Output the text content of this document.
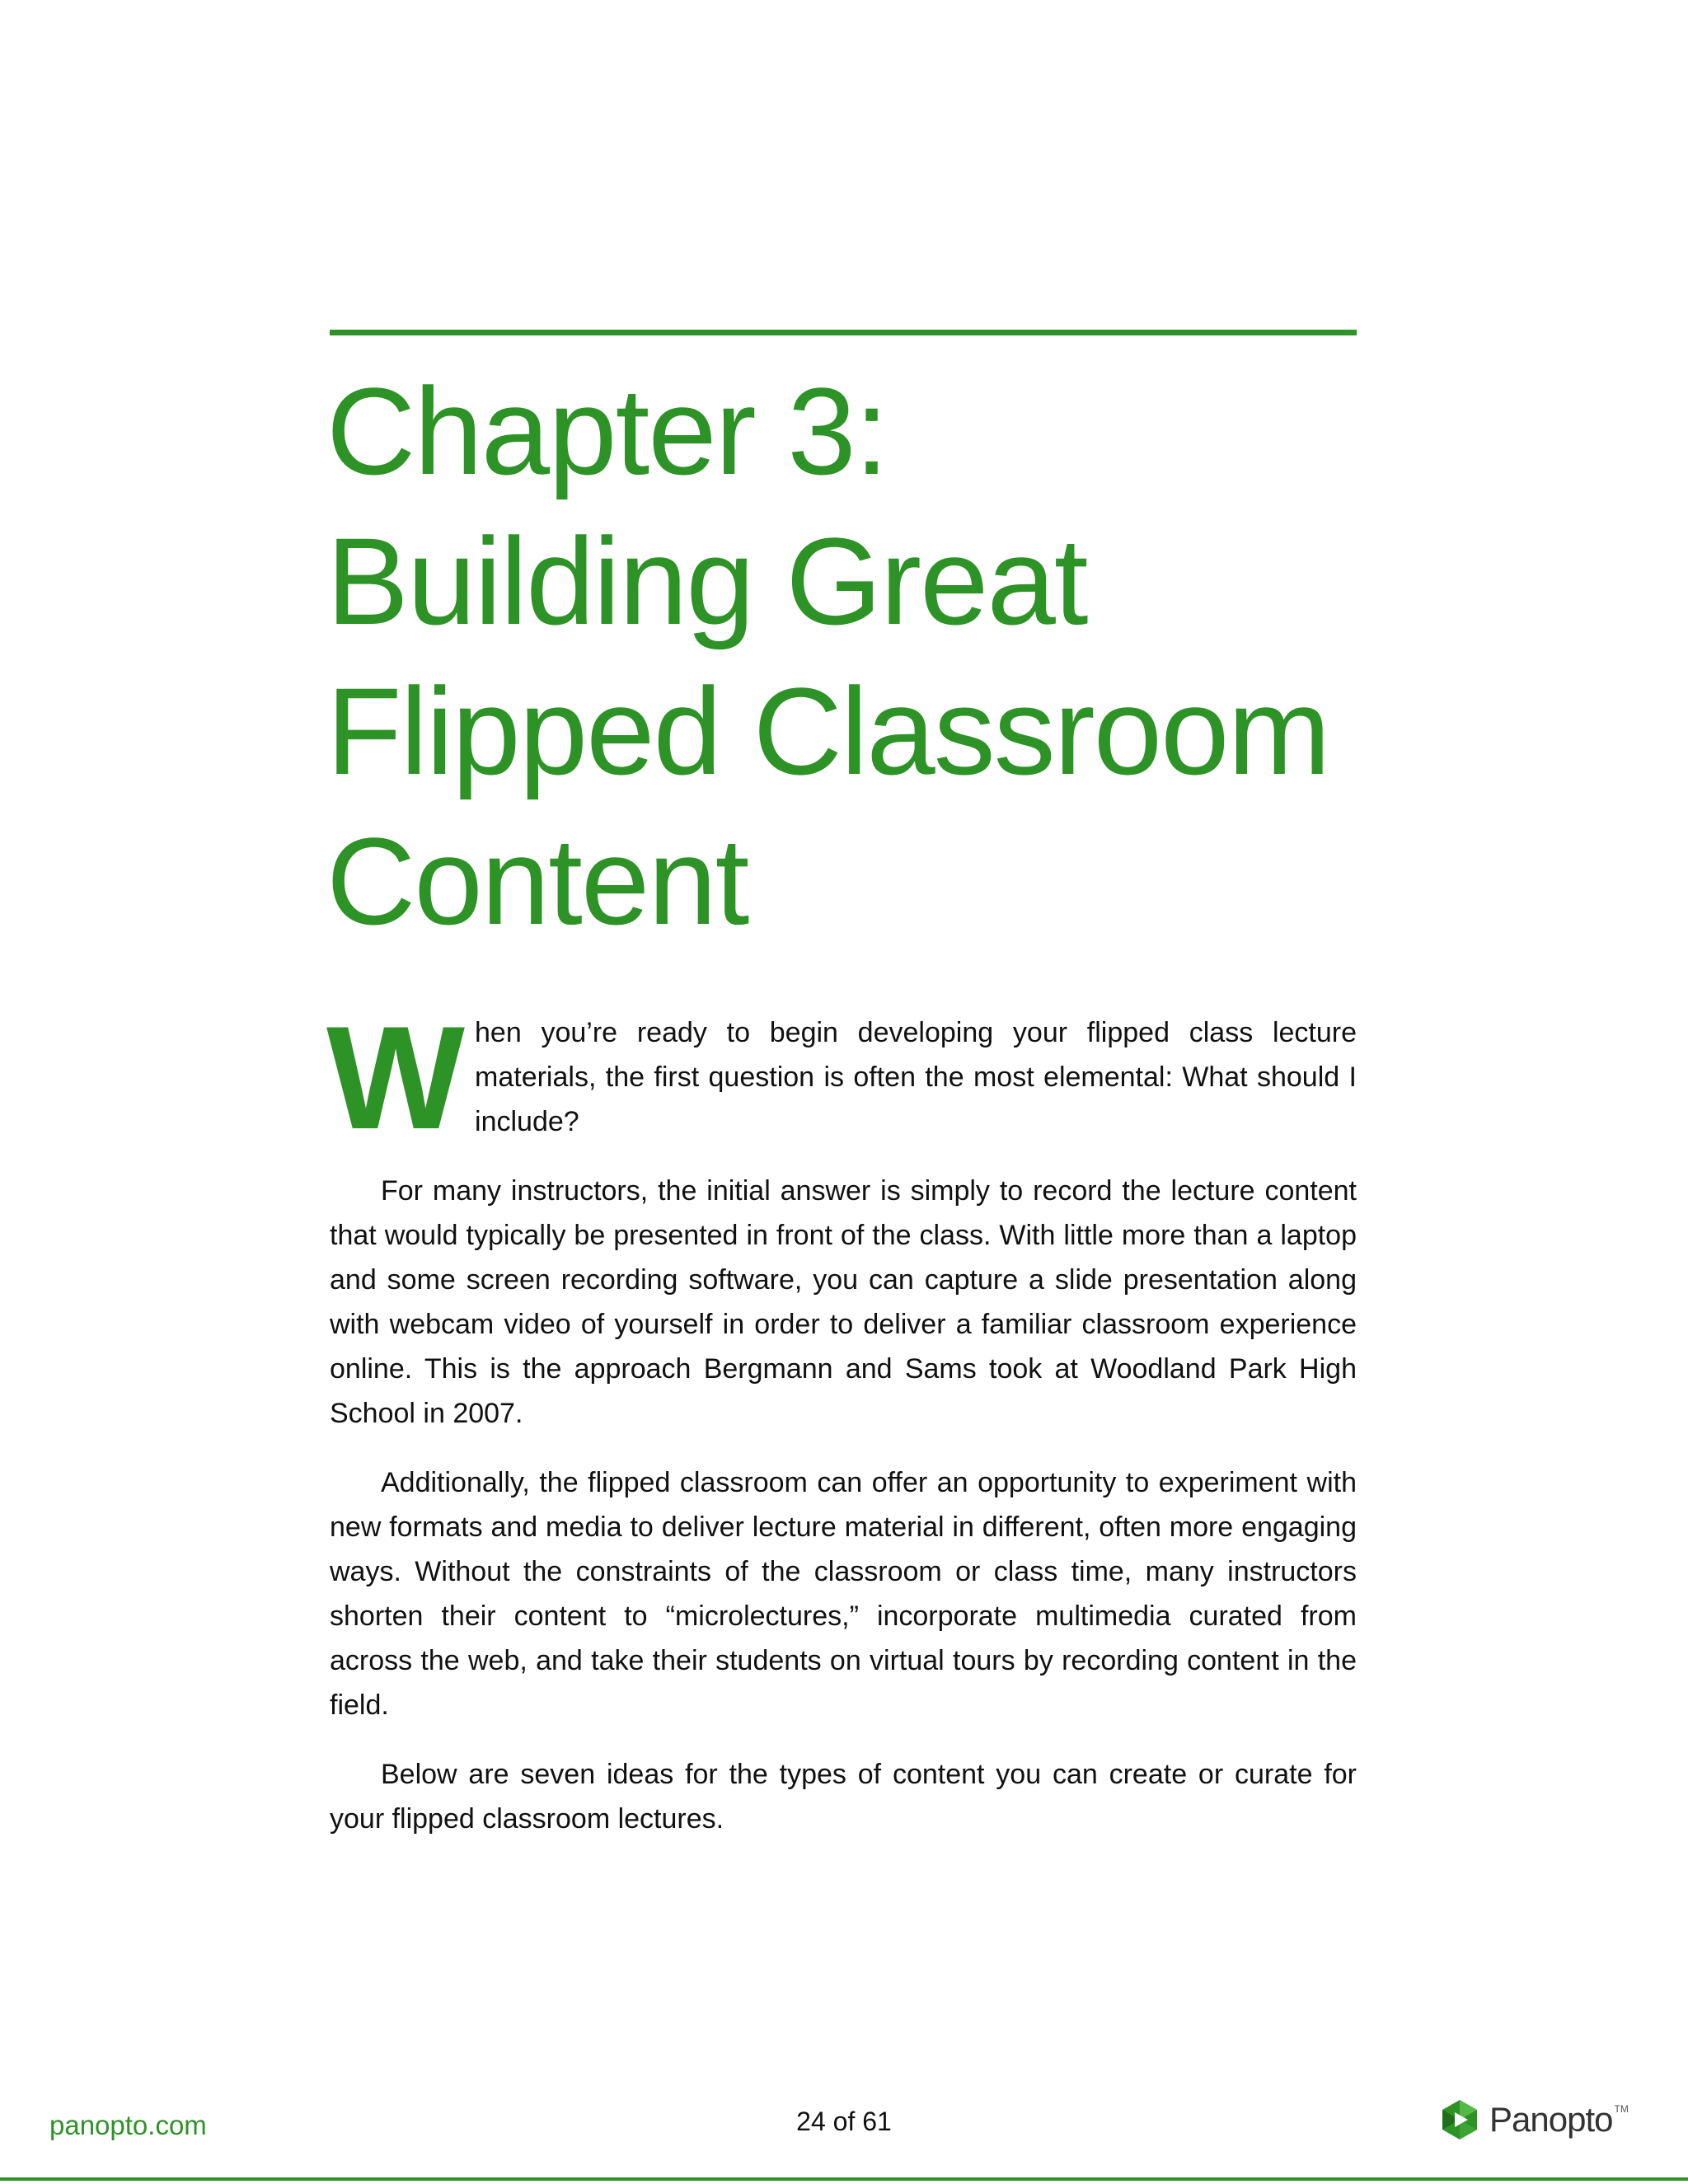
Chapter 3:
Building Great
Flipped Classroom
Content

When you’re ready to begin developing your flipped class lecture materials, the first question is often the most elemental: What should I include?

For many instructors, the initial answer is simply to record the lecture content that would typically be presented in front of the class. With little more than a laptop and some screen recording software, you can capture a slide presentation along with webcam video of yourself in order to deliver a familiar classroom experience online. This is the approach Bergmann and Sams took at Woodland Park High School in 2007.

Additionally, the flipped classroom can offer an opportunity to experiment with new formats and media to deliver lecture material in different, often more engaging ways. Without the constraints of the classroom or class time, many instructors shorten their content to “microlectures,” incorporate multimedia curated from across the web, and take their students on virtual tours by recording content in the field.

Below are seven ideas for the types of content you can create or curate for your flipped classroom lectures.

panopto.com	24 of 61	Panopto TM
